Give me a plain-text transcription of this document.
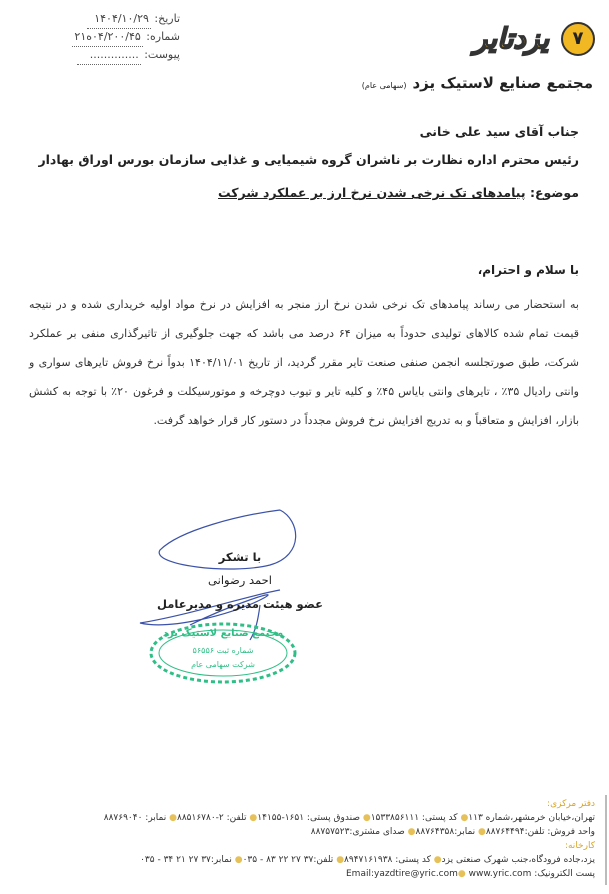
تاریخ: ۱۴۰۴/۱۰/۲۹
شماره: ۰۴/۲۰۰/۴۵ه۲۱
پیوست: ..............
٧
یزدتایر
مجتمع صنایع لاستیک یزد(سهامی عام)
جناب آقای سید علی خانی
رئیس محترم اداره نظارت بر ناشران گروه شیمیایی و غذایی سازمان بورس اوراق بهادار
موضوع: پیامدهای تک نرخی شدن نرخ ارز بر عملکرد شرکت
با سلام و احترام،
به استحضار می رساند پیامدهای تک نرخی شدن نرخ ارز منجر به افزایش در نرخ مواد اولیه خریداری شده و در نتیجه قیمت تمام شده کالاهای تولیدی حدوداً به میزان ۶۴ درصد می باشد که جهت جلوگیری از تاثیرگذاری منفی بر عملکرد شرکت، طبق صورتجلسه انجمن صنفی صنعت تایر مقرر گردید، از تاریخ ۱۴۰۴/۱۱/۰۱ بدواً نرخ فروش تایرهای سواری و وانتی رادیال ۳۵٪ ، تایرهای وانتی بایاس ۴۵٪ و کلیه تایر و تیوب دوچرخه و موتورسیکلت و فرغون ۲۰٪ با توجه به کشش بازار، افزایش و متعاقباً و به تدریج افزایش نرخ فروش مجدداً در دستور کار قرار خواهد گرفت.
با تشکر
احمد رضوانی
عضو هیئت مدیره و مدیرعامل
مجتمع صنایع لاستیک یزد
شماره ثبت ۵۶۵۵۶
شرکت سهامی عام
دفتر مرکزی:
تهران،خیابان خرمشهر،شماره ۱۱۳● کد پستی: ۱۵۳۳۸۵۶۱۱۱● صندوق پستی: ۱۶۵۱-۱۴۱۵۵● تلفن: ۲-۸۸۵۱۶۷۸۰● نمابر: ۸۸۷۶۹۰۴۰
واحد فروش: تلفن:۸۸۷۶۴۴۹۴● نمابر:۸۸۷۶۴۳۵۸● صدای مشتری:۸۸۷۵۷۵۲۳
کارخانه:
یزد،جاده فرودگاه،جنب شهرک صنعتی یزد● کد پستی: ۸۹۴۷۱۶۱۹۳۸● تلفن:۳۷ ۲۷ ۲۲ ۸۳ - ۰۳۵● نمابر:۳۷ ۲۷ ۲۱ ۳۴ - ۰۳۵
پست الکترونیک: Email:yazdtire@yric.com● www.yric.com
